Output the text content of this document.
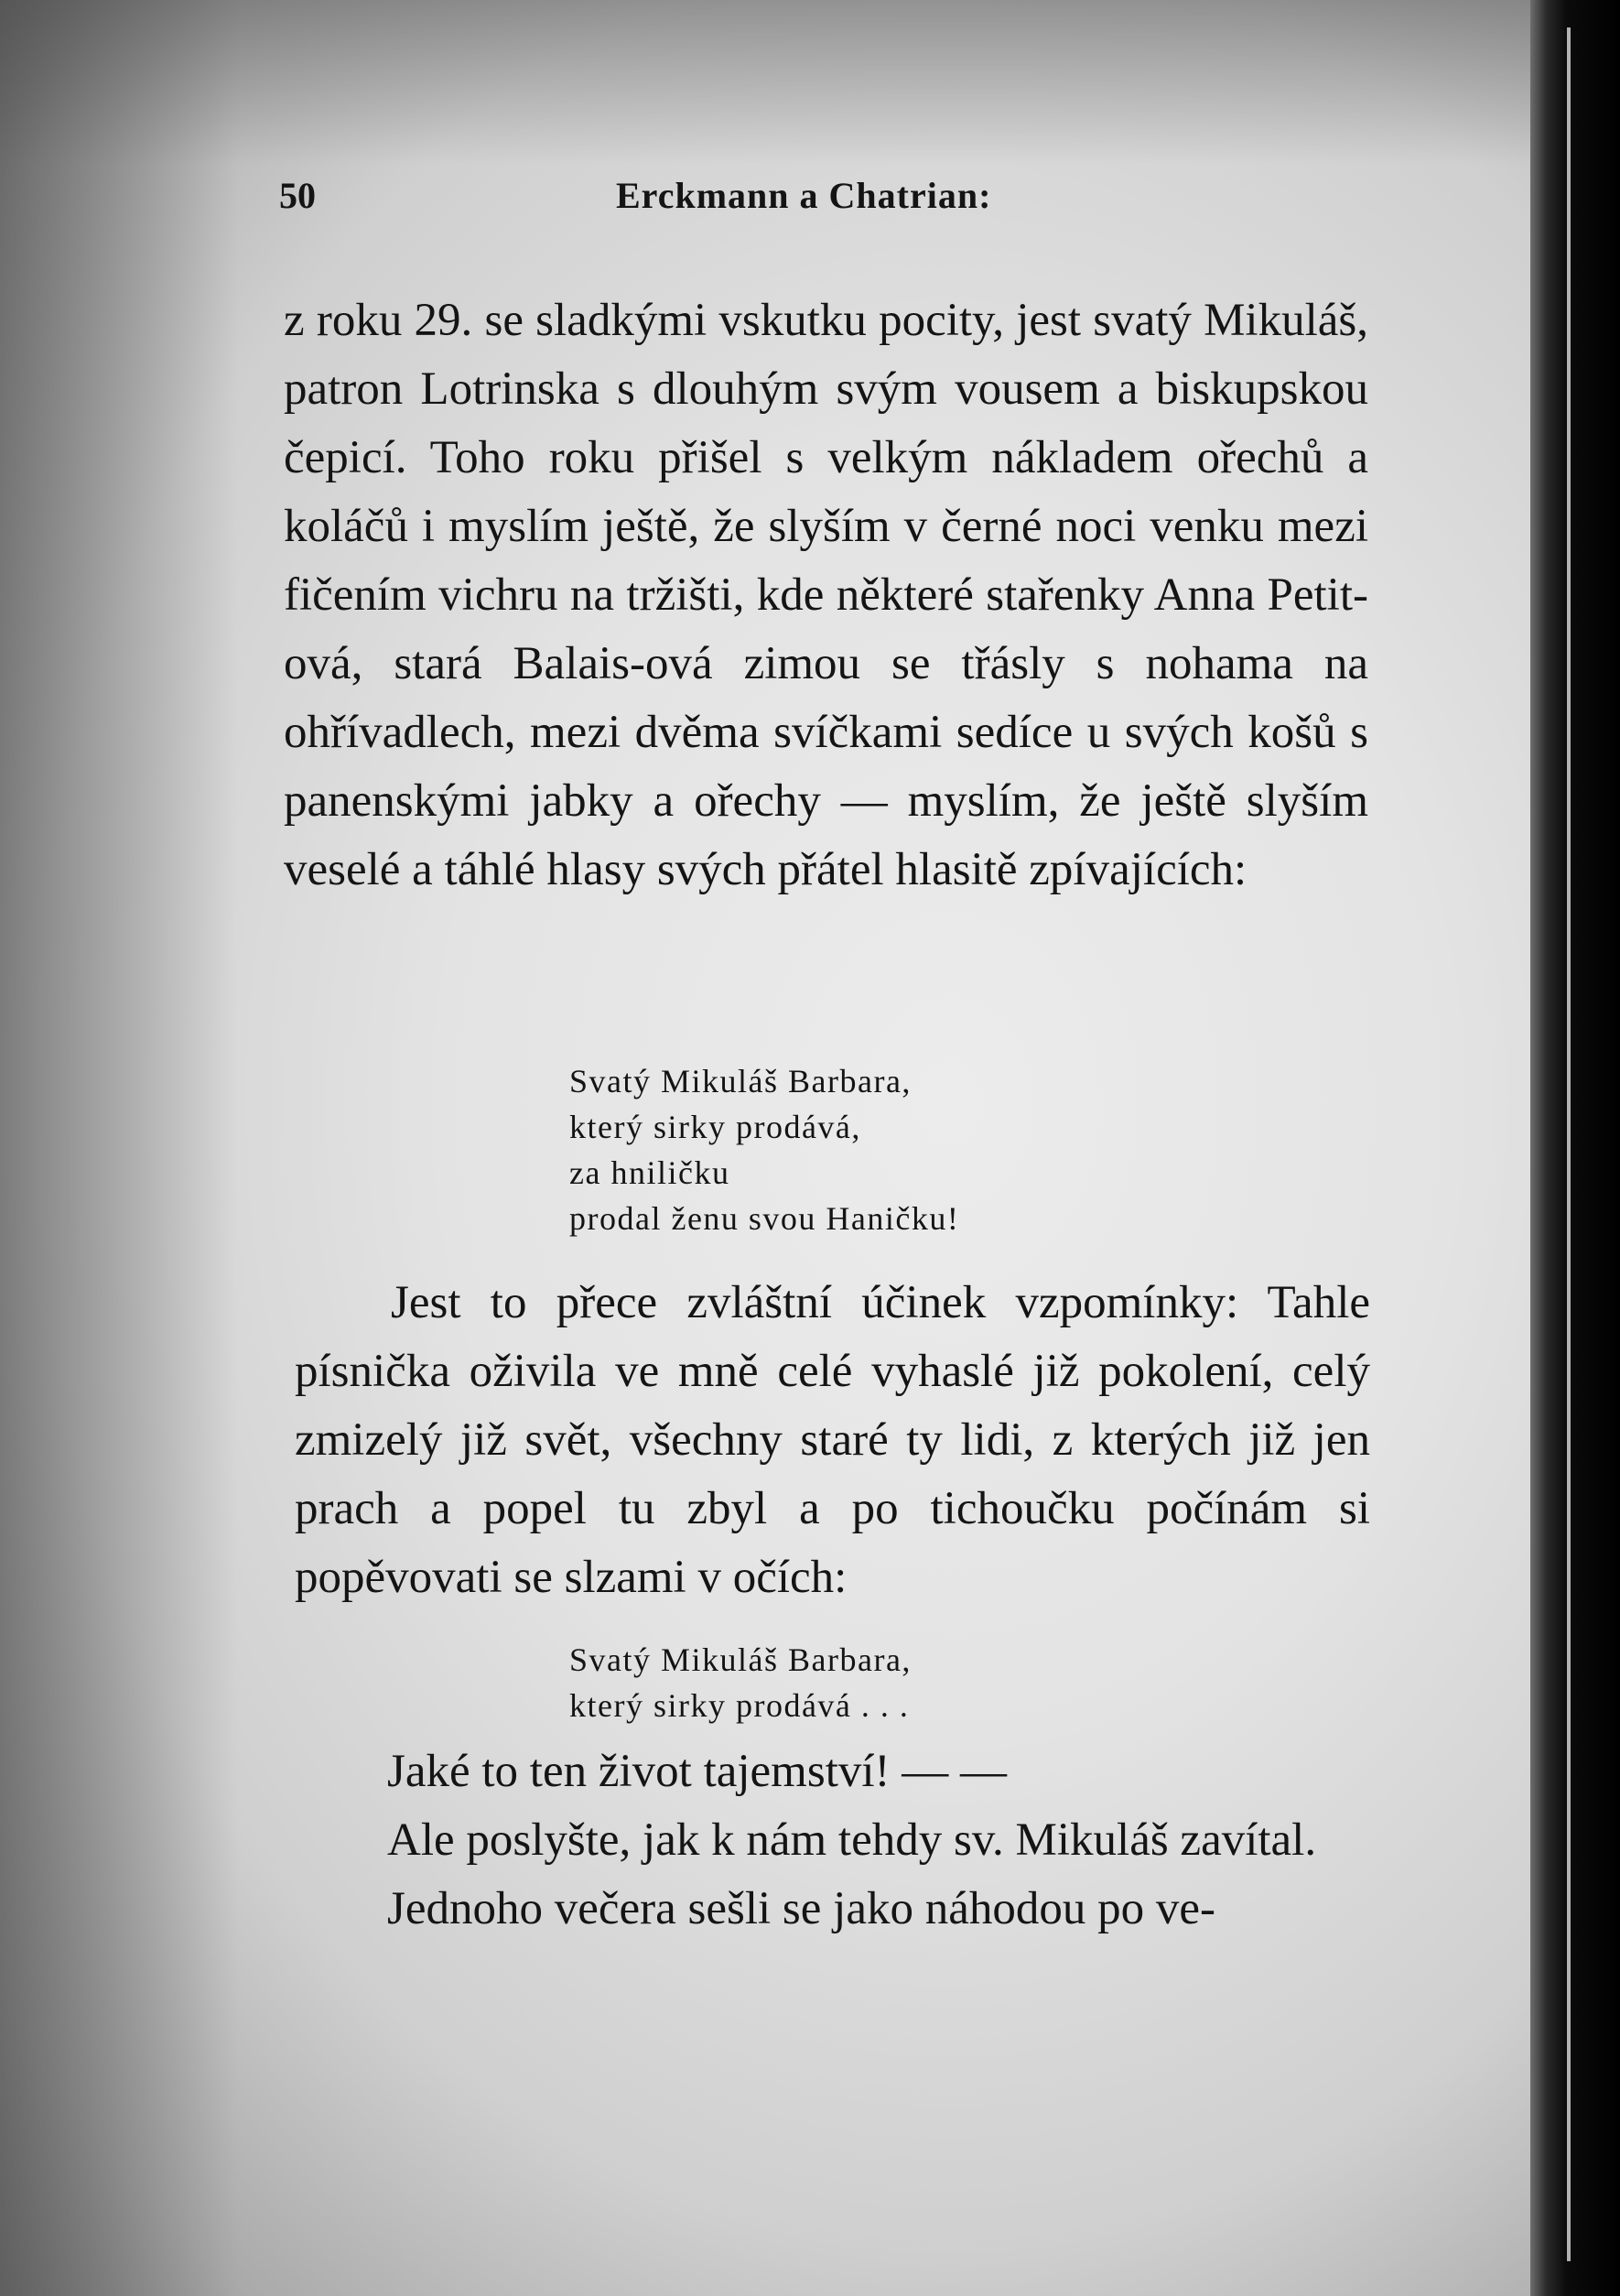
50	Erckmann a Chatrian:

z roku 29. se sladkými vskutku pocity, jest svatý Mikuláš, patron Lotrinska s dlouhým svým vousem a biskupskou čepicí. Toho roku přišel s velkým nákladem ořechů a koláčů i myslím ještě, že slyším v černé noci venku mezi fičením vichru na tržišti, kde některé stařenky Anna Petit-ová, stará Balais-ová zimou se třásly s nohama na ohřívadlech, mezi dvěma svíčkami sedíce u svých košů s panenskými jabky a ořechy — myslím, že ještě slyším veselé a táhlé hlasy svých přátel hlasitě zpívajících:

Svatý Mikuláš Barbara,
který sirky prodává,
za hniličku
prodal ženu svou Haničku!

Jest to přece zvláštní účinek vzpomínky: Tahle písnička oživila ve mně celé vyhaslé již pokolení, celý zmizelý již svět, všechny staré ty lidi, z kterých již jen prach a popel tu zbyl a po tichoučku počínám si popěvovati se slzami v očích:

Svatý Mikuláš Barbara,
který sirky prodává . . .

Jaké to ten život tajemství! — —

Ale poslyšte, jak k nám tehdy sv. Mikuláš zavítal.

Jednoho večera sešli se jako náhodou po ve-
